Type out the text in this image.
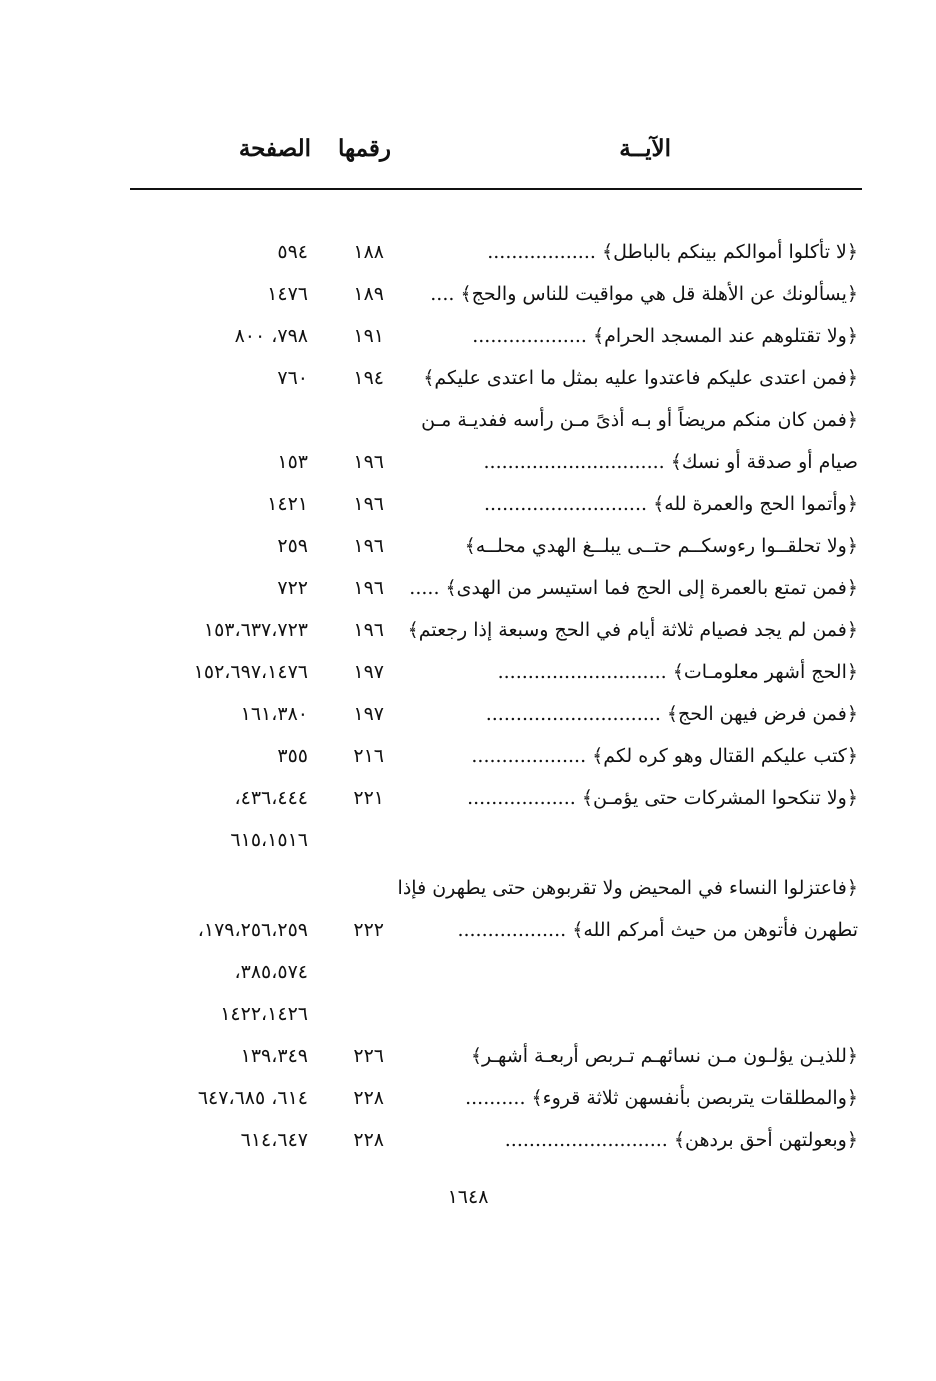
الآيــة
رقمها
الصفحة
﴿لا تأكلوا أموالكم بينكم بالباطل﴾ ..................
١٨٨
٥٩٤
﴿يسألونك عن الأهلة قل هي مواقيت للناس والحج﴾ ....
١٨٩
١٤٧٦
﴿ولا تقتلوهم عند المسجد الحرام﴾ ...................
١٩١
٧٩٨، ٨٠٠
﴿فمن اعتدى عليكم فاعتدوا عليه بمثل ما اعتدى عليكم﴾
١٩٤
٧٦٠
﴿فمن كان منكم مريضاً أو بـه أذىً مـن رأسه ففديـة مـن
صيام أو صدقة أو نسك﴾ ..............................
١٩٦
١٥٣
﴿وأتموا الحج والعمرة لله﴾ ...........................
١٩٦
١٤٢١
﴿ولا تحلقــوا رءوسكــم حتــى يبلــغ الهدي محلــه﴾
١٩٦
٢٥٩
﴿فمن تمتع بالعمرة إلى الحج فما استيسر من الهدى﴾ .....
١٩٦
٧٢٢
﴿فمن لم يجد فصيام ثلاثة أيام في الحج وسبعة إذا رجعتم﴾
١٩٦
١٥٣،٦٣٧،٧٢٣
﴿الحج أشهر معلومـات﴾ ............................
١٩٧
١٥٢،٦٩٧،١٤٧٦
﴿فمن فرض فيهن الحج﴾ .............................
١٩٧
١٦١،٣٨٠
﴿كتب عليكم القتال وهو كره لكم﴾ ...................
٢١٦
٣٥٥
﴿ولا تنكحوا المشركات حتى يؤمـن﴾ ..................
٢٢١
٤٣٦،٤٤٤،
٦١٥،١٥١٦
﴿فاعتزلوا النساء في المحيض ولا تقربوهن حتى يطهرن فإذا
تطهرن فأتوهن من حيث أمركم الله﴾ ..................
٢٢٢
١٧٩،٢٥٦،٢٥٩،
٣٨٥،٥٧٤،
١٤٢٢،١٤٢٦
﴿للذيـن يؤلـون مـن نسائهـم تـربص أربعـة أشهـر﴾
٢٢٦
١٣٩،٣٤٩
﴿والمطلقات يتربصن بأنفسهن ثلاثة قروء﴾ ..........
٢٢٨
٦١٤، ٦٤٧،٦٨٥
﴿وبعولتهن أحق بردهن﴾ ...........................
٢٢٨
٦١٤،٦٤٧
١٦٤٨
